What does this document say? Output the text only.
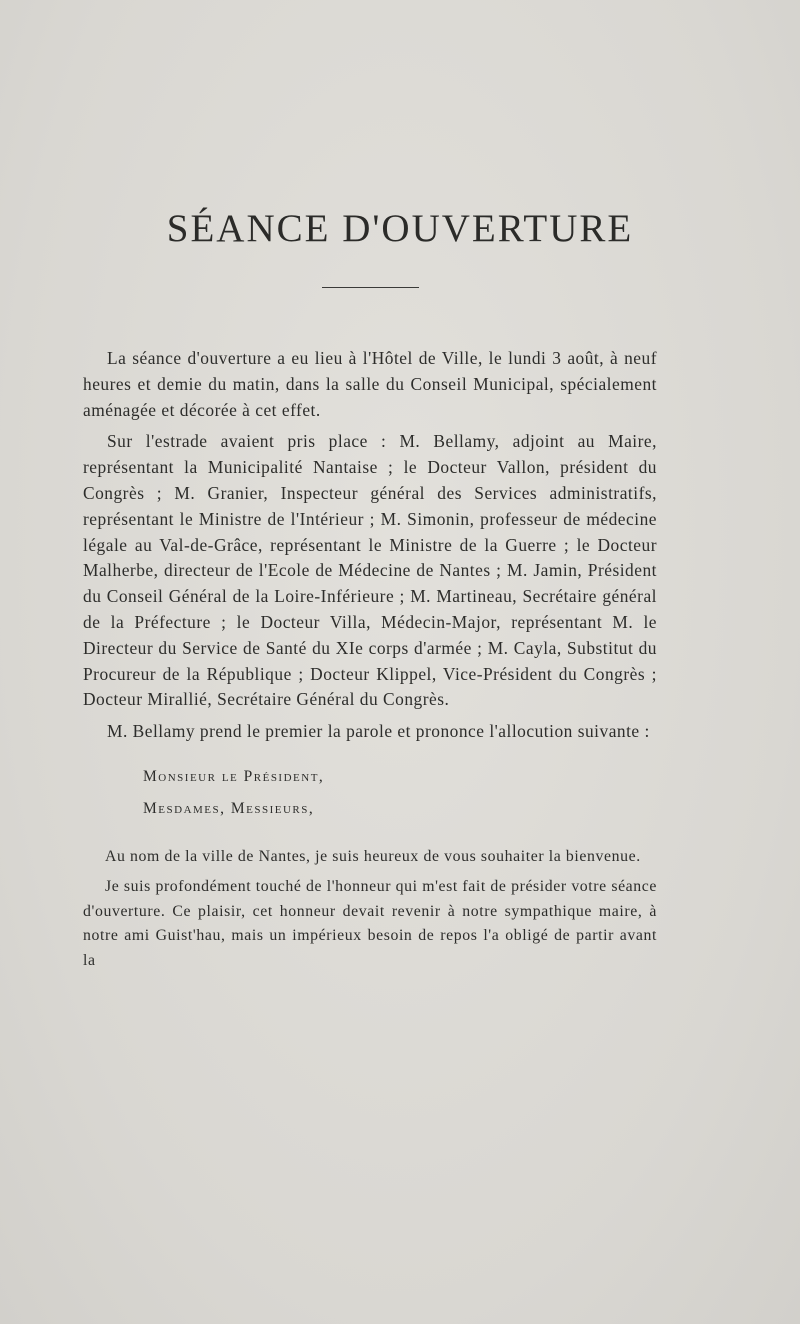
SÉANCE D'OUVERTURE

La séance d'ouverture a eu lieu à l'Hôtel de Ville, le lundi 3 août, à neuf heures et demie du matin, dans la salle du Conseil Municipal, spécialement aménagée et décorée à cet effet.

Sur l'estrade avaient pris place : M. Bellamy, adjoint au Maire, représentant la Municipalité Nantaise ; le Docteur Vallon, président du Congrès ; M. Granier, Inspecteur général des Services administratifs, représentant le Ministre de l'Intérieur ; M. Simonin, professeur de médecine légale au Val-de-Grâce, représentant le Ministre de la Guerre ; le Docteur Malherbe, directeur de l'Ecole de Médecine de Nantes ; M. Jamin, Président du Conseil Général de la Loire-Inférieure ; M. Martineau, Secrétaire général de la Préfecture ; le Docteur Villa, Médecin-Major, représentant M. le Directeur du Service de Santé du XIe corps d'armée ; M. Cayla, Substitut du Procureur de la République ; Docteur Klippel, Vice-Président du Congrès ; Docteur Mirallié, Secrétaire Général du Congrès.

M. Bellamy prend le premier la parole et prononce l'allocution suivante :

Monsieur le Président,
Mesdames, Messieurs,

Au nom de la ville de Nantes, je suis heureux de vous souhaiter la bienvenue.

Je suis profondément touché de l'honneur qui m'est fait de présider votre séance d'ouverture. Ce plaisir, cet honneur devait revenir à notre sympathique maire, à notre ami Guist'hau, mais un impérieux besoin de repos l'a obligé de partir avant la
